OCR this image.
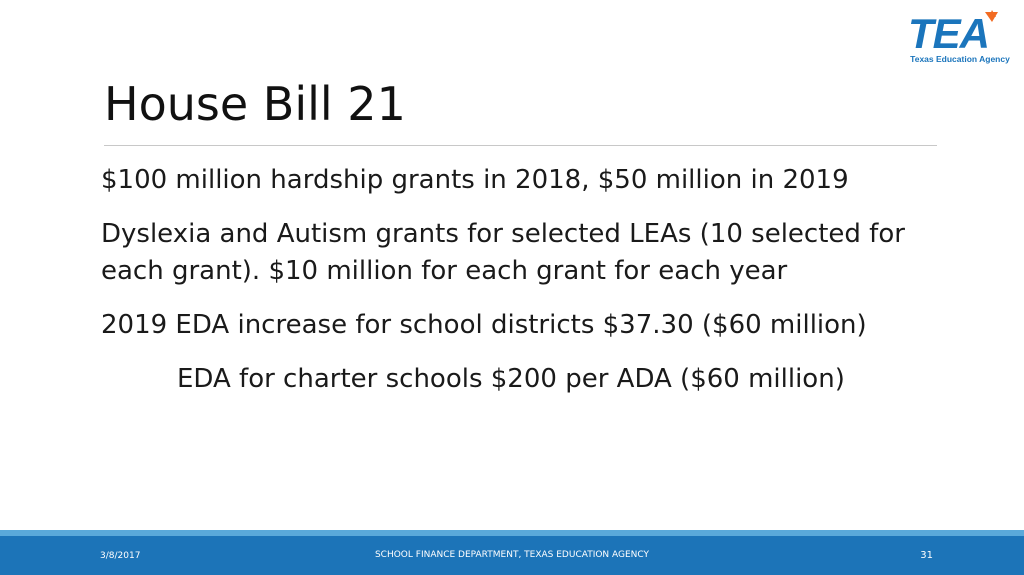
TEA
Texas Education Agency
House Bill 21
$100 million hardship grants in 2018, $50 million in 2019
Dyslexia and Autism grants for selected LEAs (10 selected for each grant). $10 million for each grant for each year
2019 EDA increase for school districts $37.30 ($60 million)
EDA for charter schools $200 per ADA ($60 million)
3/8/2017	SCHOOL FINANCE DEPARTMENT, TEXAS EDUCATION AGENCY	31
